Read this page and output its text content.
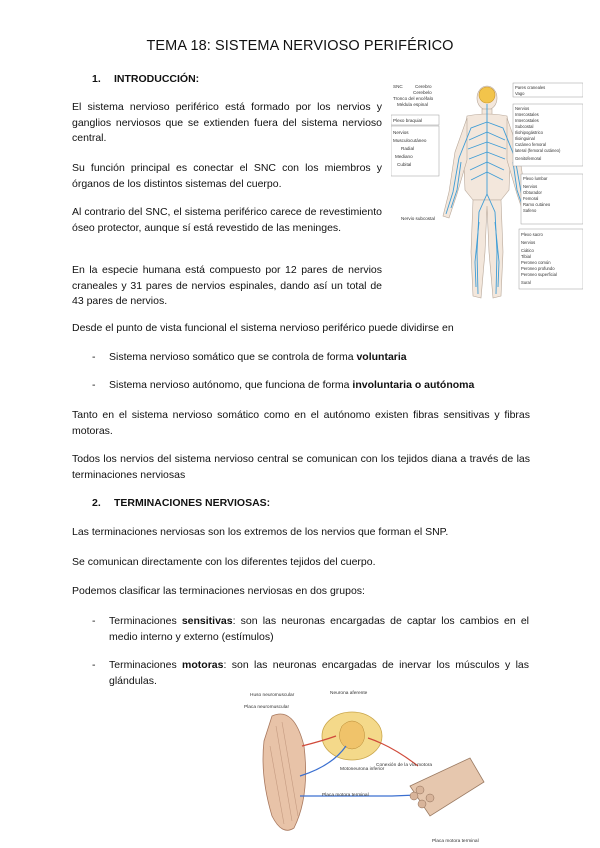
TEMA 18: SISTEMA NERVIOSO PERIFÉRICO
1. INTRODUCCIÓN:

El sistema nervioso periférico está formado por los nervios y ganglios nerviosos que se extienden fuera del sistema nervioso central.

Su función principal es conectar el SNC con los miembros y órganos de los distintos sistemas del cuerpo.

Al contrario del SNC, el sistema periférico carece de revestimiento óseo protector, aunque sí está revestido de las meninges.

En la especie humana está compuesto por 12 pares de nervios craneales y 31 pares de nervios espinales, dando así un total de 43 pares de nervios.

Desde el punto de vista funcional el sistema nervioso periférico puede dividirse en

- Sistema nervioso somático que se controla de forma voluntaria
- Sistema nervioso autónomo, que funciona de forma involuntaria o autónoma

Tanto en el sistema nervioso somático como en el autónomo existen fibras sensitivas y fibras motoras.

Todos los nervios del sistema nervioso central se comunican con los tejidos diana a través de las terminaciones nerviosas

2. TERMINACIONES NERVIOSAS:

Las terminaciones nerviosas son los extremos de los nervios que forman el SNP.

Se comunican directamente con los diferentes tejidos del cuerpo.

Podemos clasificar las terminaciones nerviosas en dos grupos:

- Terminaciones sensitivas: son las neuronas encargadas de captar los cambios en el medio interno y externo (estímulos)
- Terminaciones motoras: son las neuronas encargadas de inervar los músculos y las glándulas.
SNC	Cerebro
Cerebelo
Tronco del encéfalo
Médula espinal
Plexo braquial
Nervios
Musculocutáneo
Radial
Mediano
Cubital
Nervio subcostal
Pares craneales
Vago
Nervios
Intercostales
Intercostales
Subcostal
Iliohipogástrico
Ilioinguinal
Cutáneo femoral
lateral (femoral cutáneo)
Genitofemoral
Plexo lumbar
Nervios
Obturador
Femoral
Ramo cutáneo
Safeno
Plexo sacro
Nervios
Ciático
Tibial
Peroneo común
Peroneo profundo
Peroneo superficial
Sural
Huso neuromuscular	Neurona aferente
Placa neuromuscular
Motoneurona inferior
Conexión de la vía motora
Placa motora terminal
Placa motora terminal
